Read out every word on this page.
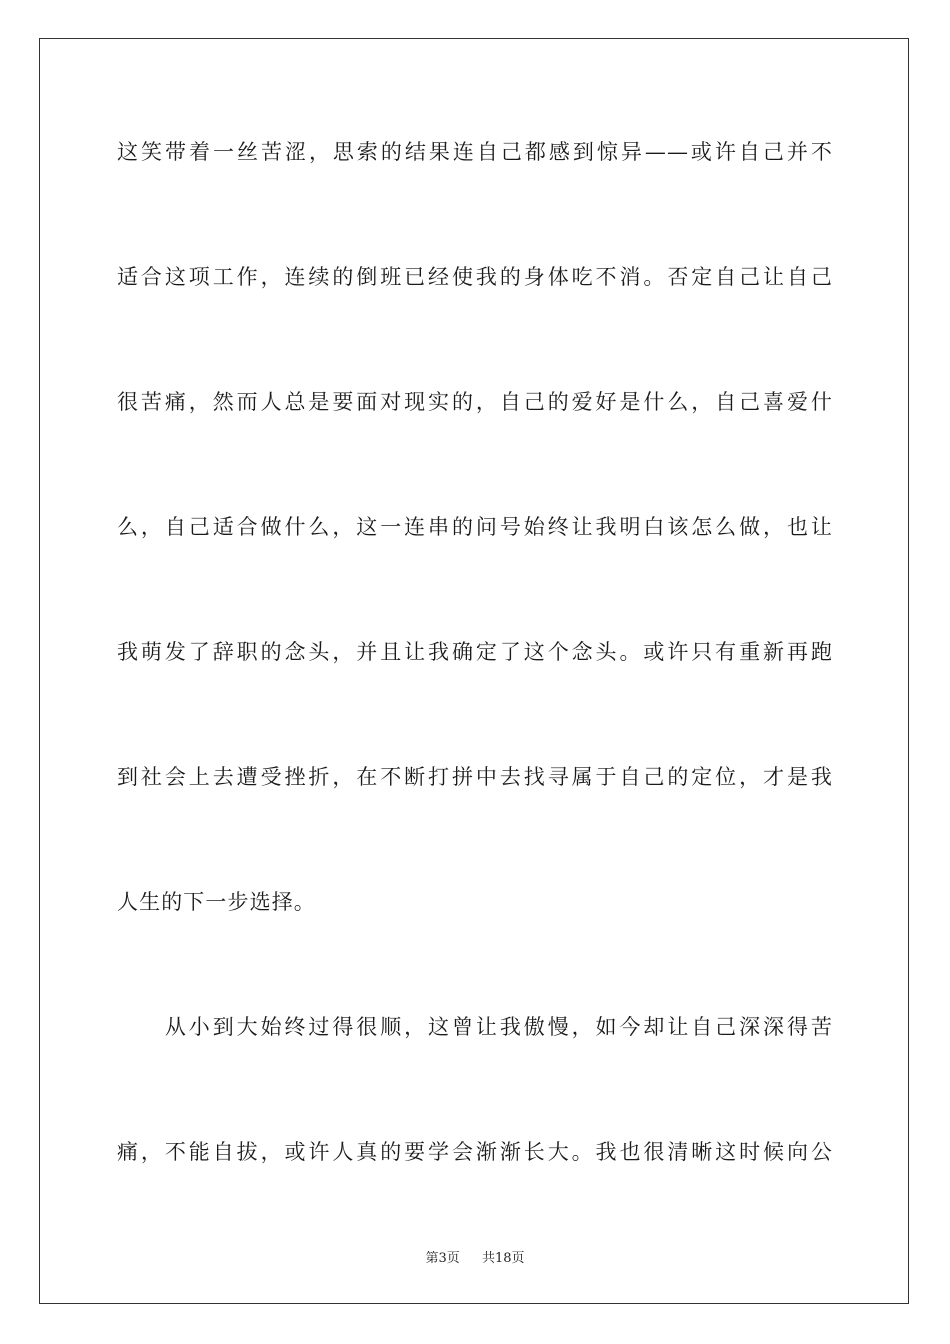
这笑带着一丝苦涩，思索的结果连自己都感到惊异——或许自己并不
适合这项工作，连续的倒班已经使我的身体吃不消。否定自己让自己
很苦痛，然而人总是要面对现实的，自己的爱好是什么，自己喜爱什
么，自己适合做什么，这一连串的问号始终让我明白该怎么做，也让
我萌发了辞职的念头，并且让我确定了这个念头。或许只有重新再跑
到社会上去遭受挫折，在不断打拼中去找寻属于自己的定位，才是我
人生的下一步选择。
　　从小到大始终过得很顺，这曾让我傲慢，如今却让自己深深得苦
痛，不能自拔，或许人真的要学会渐渐长大。我也很清晰这时候向公
第3页 共18页
